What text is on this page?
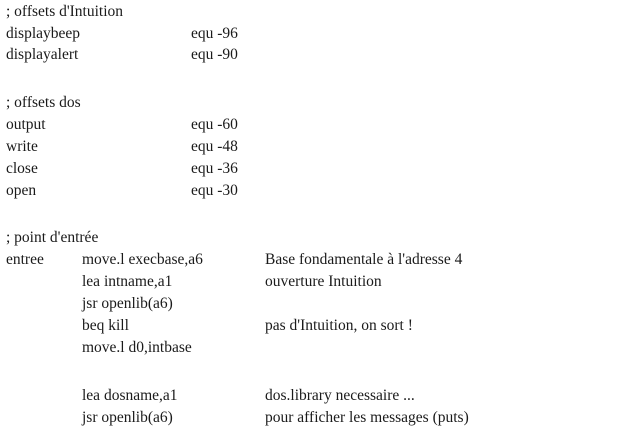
; offsets d'Intuition
displaybeep	equ -96
displayalert	equ -90
; offsets dos
output	equ -60
write	equ -48
close	equ -36
open	equ -30
; point d'entrée
entree move.l execbase,a6	Base fondamentale à l'adresse 4
lea intname,a1	ouverture Intuition
jsr openlib(a6)
beq kill	pas d'Intuition, on sort !
move.l d0,intbase
lea dosname,a1	dos.library necessaire ...
jsr openlib(a6)	pour afficher les messages (puts)
